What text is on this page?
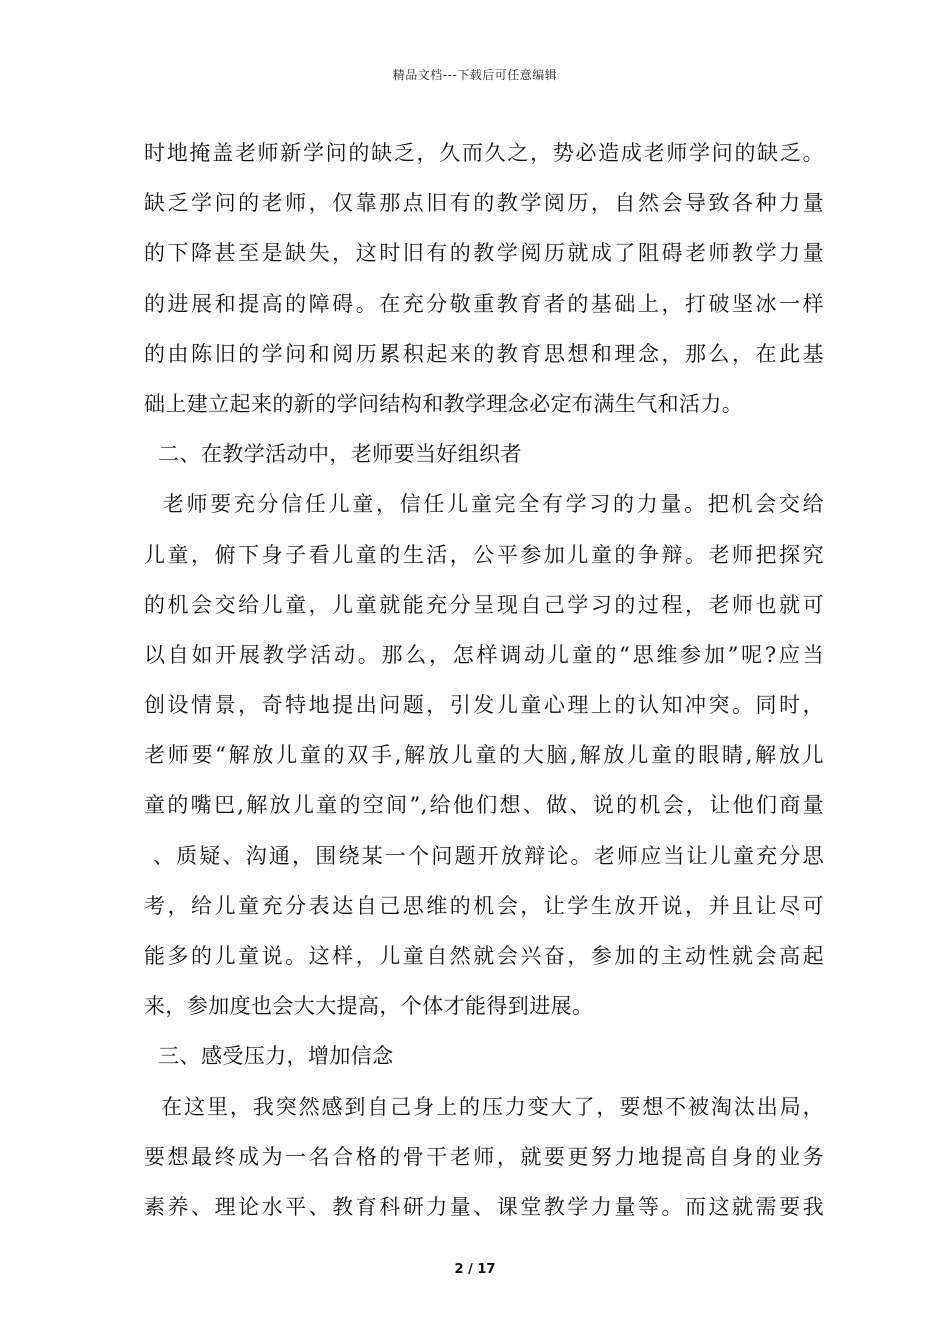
精品文档---下载后可任意编辑
时地掩盖老师新学问的缺乏，久而久之，势必造成老师学问的缺乏。
缺乏学问的老师，仅靠那点旧有的教学阅历，自然会导致各种力量
的下降甚至是缺失，这时旧有的教学阅历就成了阻碍老师教学力量
的进展和提高的障碍。在充分敬重教育者的基础上，打破坚冰一样
的由陈旧的学问和阅历累积起来的教育思想和理念，那么，在此基
础上建立起来的新的学问结构和教学理念必定布满生气和活力。
二、在教学活动中，老师要当好组织者
老师要充分信任儿童，信任儿童完全有学习的力量。把机会交给
儿童，俯下身子看儿童的生活，公平参加儿童的争辩。老师把探究
的机会交给儿童，儿童就能充分呈现自己学习的过程，老师也就可
以自如开展教学活动。那么，怎样调动儿童的“思维参加”呢?应当
创设情景，奇特地提出问题，引发儿童心理上的认知冲突。同时，
老师要“解放儿童的双手,解放儿童的大脑,解放儿童的眼睛,解放儿
童的嘴巴,解放儿童的空间”,给他们想、做、说的机会，让他们商量
、质疑、沟通，围绕某一个问题开放辩论。老师应当让儿童充分思
考，给儿童充分表达自己思维的机会，让学生放开说，并且让尽可
能多的儿童说。这样，儿童自然就会兴奋，参加的主动性就会高起
来，参加度也会大大提高，个体才能得到进展。
三、感受压力，增加信念
在这里，我突然感到自己身上的压力变大了，要想不被淘汰出局，
要想最终成为一名合格的骨干老师，就要更努力地提高自身的业务
素养、理论水平、教育科研力量、课堂教学力量等。而这就需要我
2 / 17
